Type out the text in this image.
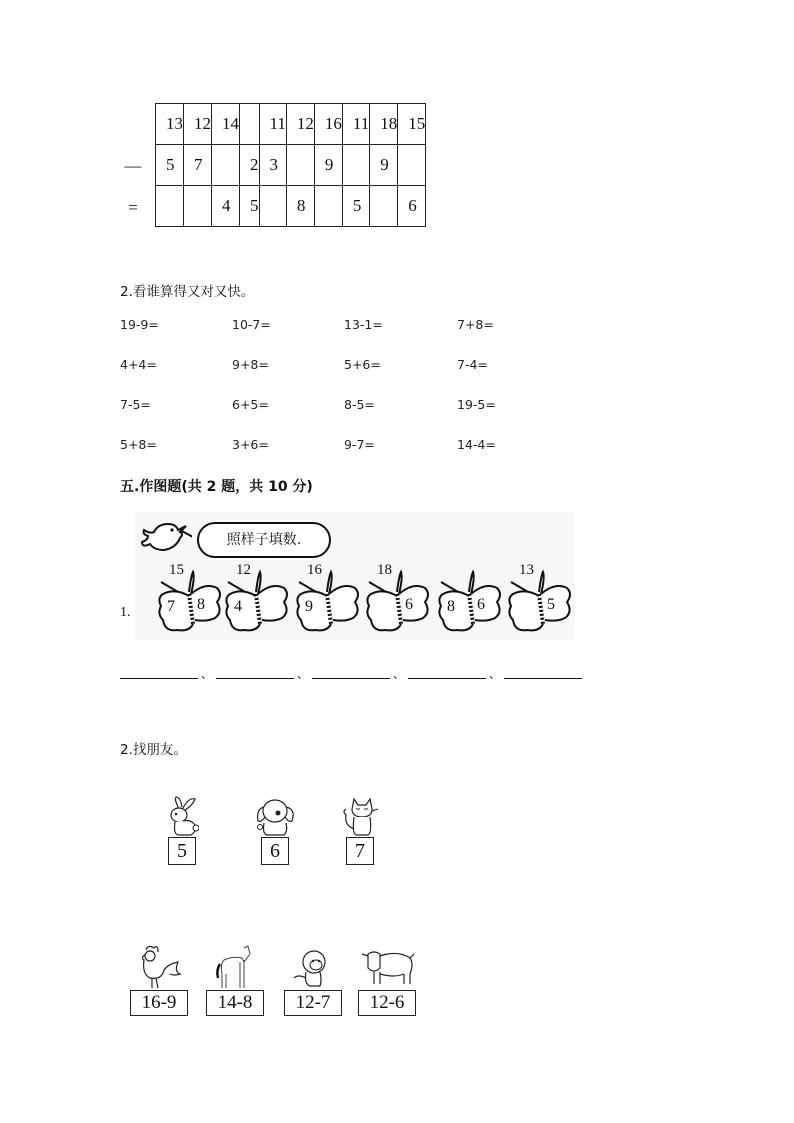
—
=
13	12	14		11	12	16	11	18	15
5	7		2	3		9		9	
		4	5		8		5		6
2.看谁算得又对又快。
19-9=	10-7=	13-1=	7+8=
4+4=	9+8=	5+6=	7-4=
7-5=	6+5=	8-5=	19-5=
5+8=	3+6=	9-7=	14-4=
五.作图题(共 2 题，共 10 分)
1.
照样子填数.
15
7 8
12
4
16
9
18
6 8 6
13
5
、	、	、	、
2.找朋友。
5	6	7
16-9	14-8	12-7	12-6
